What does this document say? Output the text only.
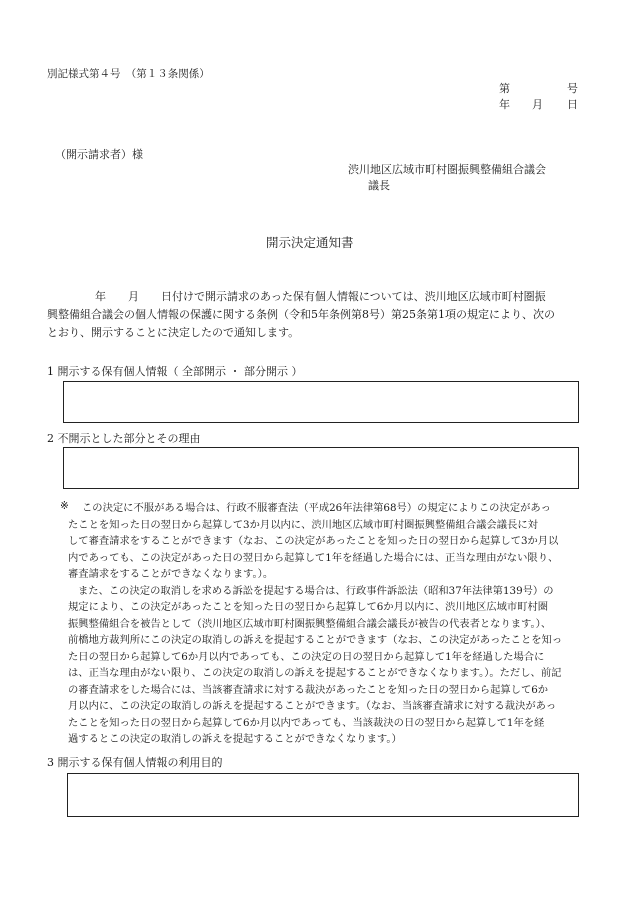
別記様式第４号　（第１３条関係）
第	号
年 月 日
（開示請求者）様
渋川地区広域市町村圏振興整備組合議会
議長
開示決定通知書
年　　月　　日付けで開示請求のあった保有個人情報については、渋川地区広域市町村圏振
興整備組合議会の個人情報の保護に関する条例（令和5年条例第8号）第25条第1項の規定により、次の
とおり、開示することに決定したので通知します。
1 開示する保有個人情報（ 全部開示 ・ 部分開示 ）
2 不開示とした部分とその理由
※	この決定に不服がある場合は、行政不服審査法（平成26年法律第68号）の規定によりこの決定があっ
たことを知った日の翌日から起算して3か月以内に、渋川地区広域市町村圏振興整備組合議会議長に対
して審査請求をすることができます（なお、この決定があったことを知った日の翌日から起算して3か月以
内であっても、この決定があった日の翌日から起算して1年を経過した場合には、正当な理由がない限り、
審査請求をすることができなくなります。）。
また、この決定の取消しを求める訴訟を提起する場合は、行政事件訴訟法（昭和37年法律第139号）の
規定により、この決定があったことを知った日の翌日から起算して6か月以内に、渋川地区広域市町村圏
振興整備組合を被告として（渋川地区広域市町村圏振興整備組合議会議長が被告の代表者となります。）、
前橋地方裁判所にこの決定の取消しの訴えを提起することができます（なお、この決定があったことを知っ
た日の翌日から起算して6か月以内であっても、この決定の日の翌日から起算して1年を経過した場合に
は、正当な理由がない限り、この決定の取消しの訴えを提起することができなくなります。）。ただし、前記
の審査請求をした場合には、当該審査請求に対する裁決があったことを知った日の翌日から起算して6か
月以内に、この決定の取消しの訴えを提起することができます。（なお、当該審査請求に対する裁決があっ
たことを知った日の翌日から起算して6か月以内であっても、当該裁決の日の翌日から起算して1年を経
過するとこの決定の取消しの訴えを提起することができなくなります。）
3 開示する保有個人情報の利用目的
